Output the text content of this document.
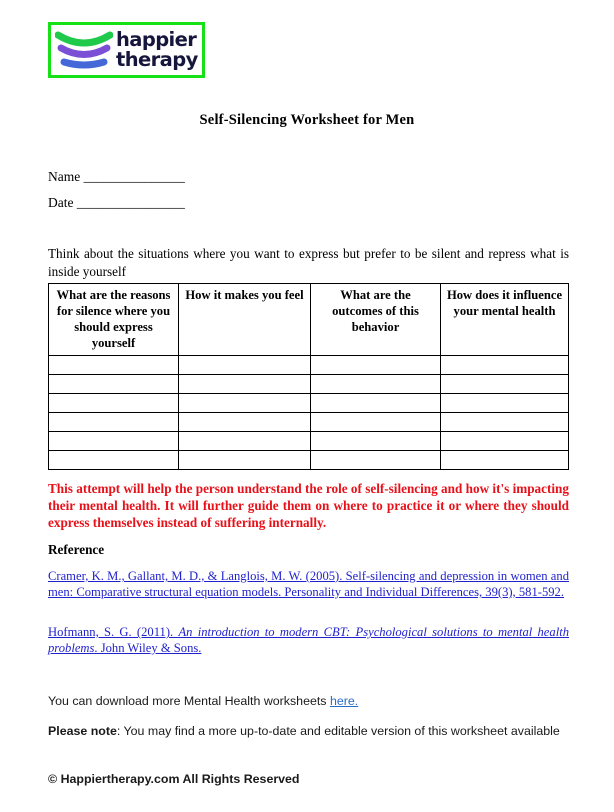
happier
therapy
Self-Silencing Worksheet for Men
Name _______________
Date ________________
Think about the situations where you want to express but prefer to be silent and repress what is inside yourself
What are the reasons for silence where you should express yourself	How it makes you feel	What are the outcomes of this behavior	How does it influence your mental health

This attempt will help the person understand the role of self-silencing and how it's impacting their mental health. It will further guide them on where to practice it or where they should express themselves instead of suffering internally.
Reference
Cramer, K. M., Gallant, M. D., & Langlois, M. W. (2005). Self-silencing and depression in women and men: Comparative structural equation models. Personality and Individual Differences, 39(3), 581-592.
Hofmann, S. G. (2011). An introduction to modern CBT: Psychological solutions to mental health problems. John Wiley & Sons.
You can download more Mental Health worksheets here.
Please note: You may find a more up-to-date and editable version of this worksheet available
© Happiertherapy.com All Rights Reserved
